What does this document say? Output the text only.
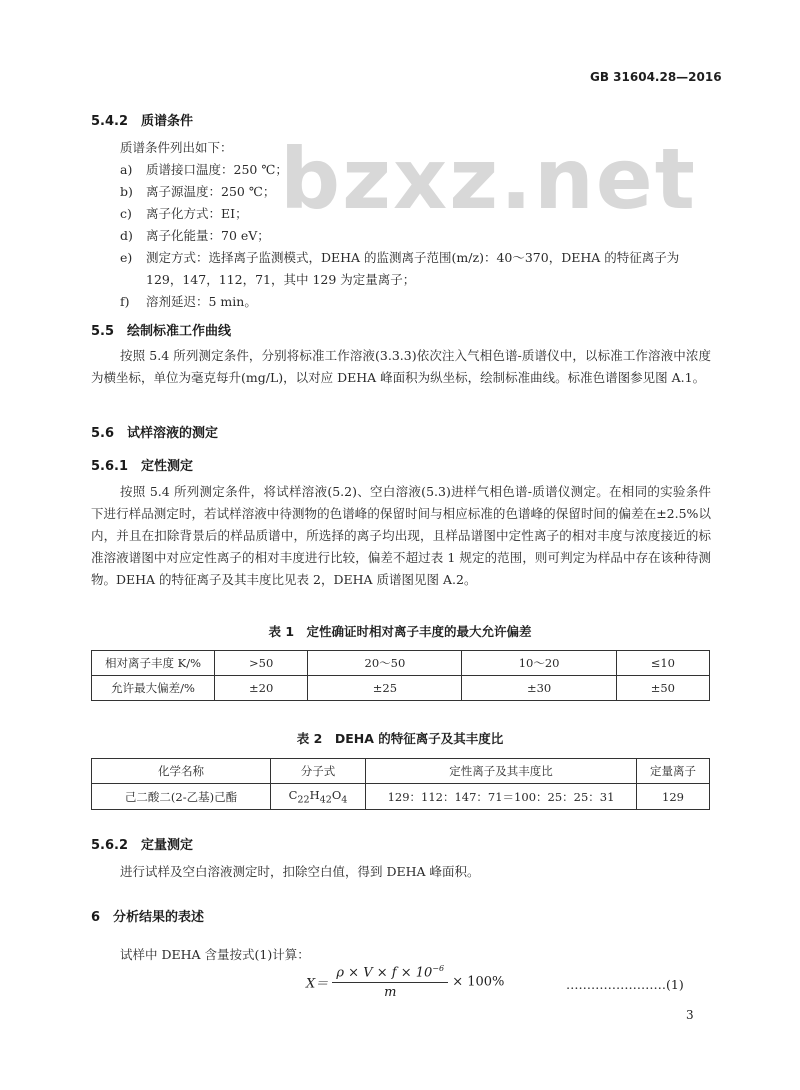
GB 31604.28—2016
bzxz.net
5.4.2　质谱条件
质谱条件列出如下：
a) 质谱接口温度：250 ℃；
b) 离子源温度：250 ℃；
c) 离子化方式：EI；
d) 离子化能量：70 eV；
e) 测定方式：选择离子监测模式，DEHA 的监测离子范围(m/z)：40～370，DEHA 的特征离子为
129，147，112，71，其中 129 为定量离子；
f) 溶剂延迟：5 min。
5.5　绘制标准工作曲线
按照 5.4 所列测定条件，分别将标准工作溶液(3.3.3)依次注入气相色谱-质谱仪中，以标准工作溶液中浓度为横坐标，单位为毫克每升(mg/L)，以对应 DEHA 峰面积为纵坐标，绘制标准曲线。标准色谱图参见图 A.1。
5.6　试样溶液的测定
5.6.1　定性测定
按照 5.4 所列测定条件，将试样溶液(5.2)、空白溶液(5.3)进样气相色谱-质谱仪测定。在相同的实验条件下进行样品测定时，若试样溶液中待测物的色谱峰的保留时间与相应标准的色谱峰的保留时间的偏差在±2.5%以内，并且在扣除背景后的样品质谱中，所选择的离子均出现，且样品谱图中定性离子的相对丰度与浓度接近的标准溶液谱图中对应定性离子的相对丰度进行比较，偏差不超过表 1 规定的范围，则可判定为样品中存在该种待测物。DEHA 的特征离子及其丰度比见表 2，DEHA 质谱图见图 A.2。
表 1　定性确证时相对离子丰度的最大允许偏差
相对离子丰度 K/%	>50	20～50	10～20	≤10
允许最大偏差/%	±20	±25	±30	±50
表 2　DEHA 的特征离子及其丰度比
化学名称	分子式	定性离子及其丰度比	定量离子
己二酸二(2-乙基)己酯	$C_{22}H_{42}O_4$	129：112：147：71＝100：25：25：31	129
5.6.2　定量测定
进行试样及空白溶液测定时，扣除空白值，得到 DEHA 峰面积。
6　分析结果的表述
试样中 DEHA 含量按式(1)计算：
$X= \frac{\rho \times V \times f \times 10^{-6}}{m} \times 100\%$	……………………(1)
3
